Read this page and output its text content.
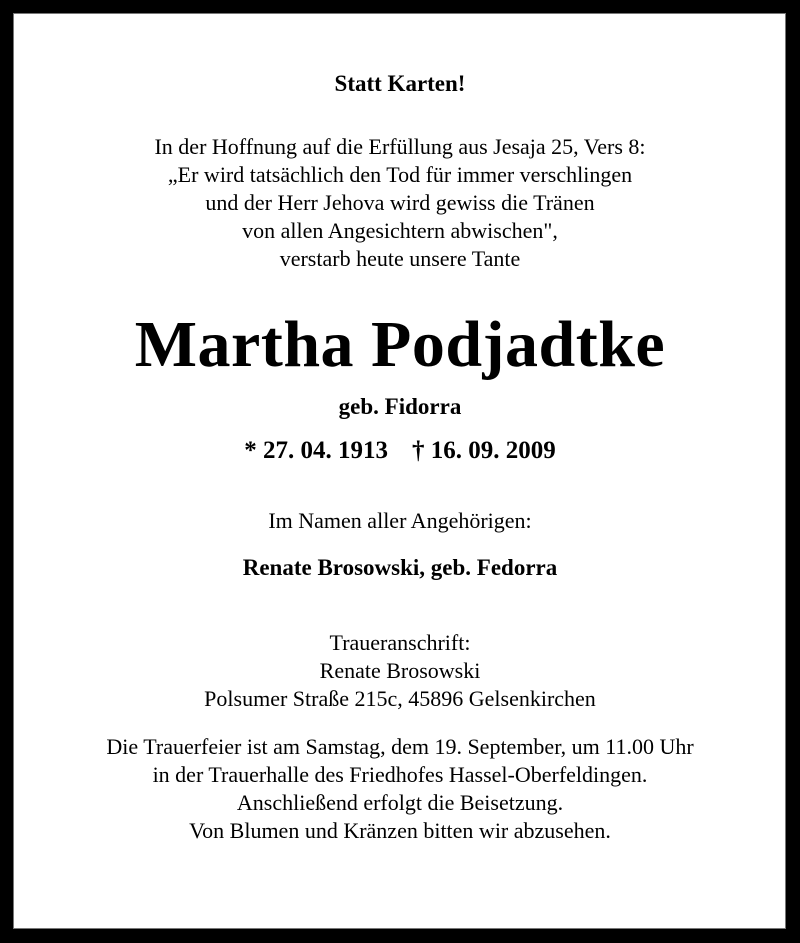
Statt Karten!
In der Hoffnung auf die Erfüllung aus Jesaja 25, Vers 8:
„Er wird tatsächlich den Tod für immer verschlingen
und der Herr Jehova wird gewiss die Tränen
von allen Angesichtern abwischen",
verstarb heute unsere Tante
Martha Podjadtke
geb. Fidorra
* 27. 04. 1913 † 16. 09. 2009
Im Namen aller Angehörigen:
Renate Brosowski, geb. Fedorra
Traueranschrift:
Renate Brosowski
Polsumer Straße 215c, 45896 Gelsenkirchen
Die Trauerfeier ist am Samstag, dem 19. September, um 11.00 Uhr
in der Trauerhalle des Friedhofes Hassel-Oberfeldingen.
Anschließend erfolgt die Beisetzung.
Von Blumen und Kränzen bitten wir abzusehen.
